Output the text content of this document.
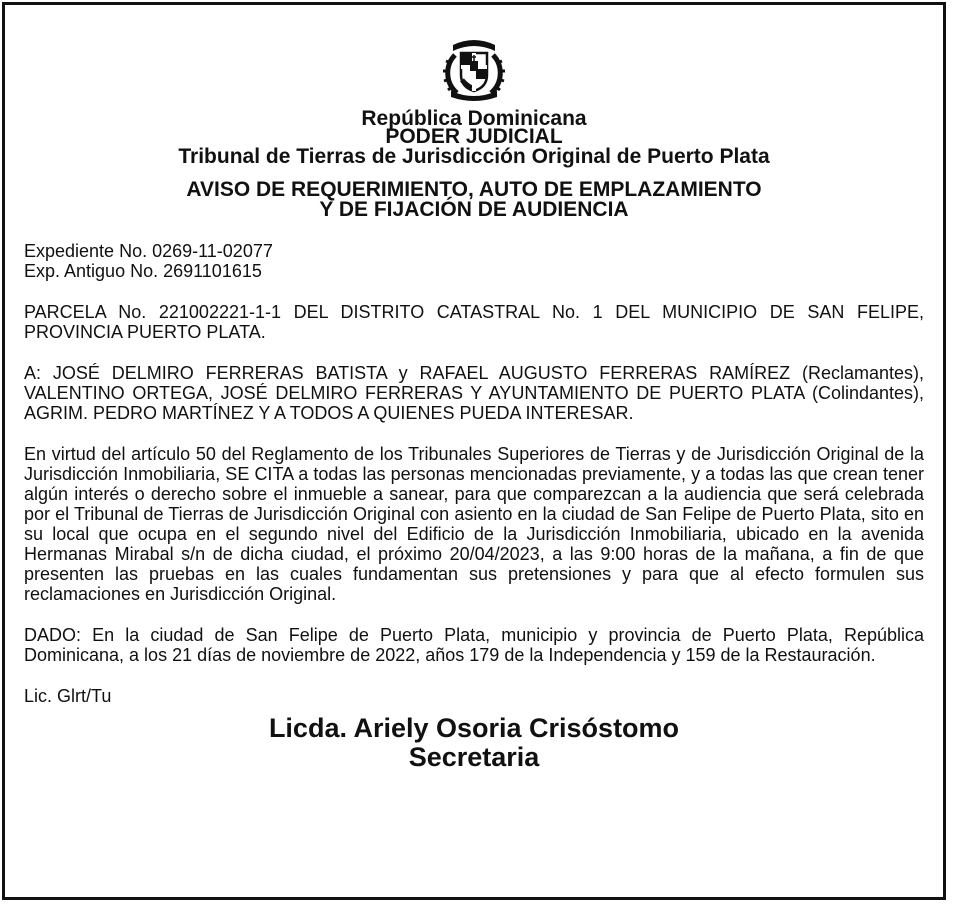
República Dominicana
PODER JUDICIAL
Tribunal de Tierras de Jurisdicción Original de Puerto Plata
AVISO DE REQUERIMIENTO, AUTO DE EMPLAZAMIENTO
Y DE FIJACIÓN DE AUDIENCIA
Expediente No. 0269-11-02077
Exp. Antiguo No. 2691101615

PARCELA No. 221002221-1-1 DEL DISTRITO CATASTRAL No. 1 DEL MUNICIPIO DE SAN FELIPE, PROVINCIA PUERTO PLATA.

A: JOSÉ DELMIRO FERRERAS BATISTA y RAFAEL AUGUSTO FERRERAS RAMÍREZ (Reclamantes), VALENTINO ORTEGA, JOSÉ DELMIRO FERRERAS Y AYUNTAMIENTO DE PUERTO PLATA (Colindantes), AGRIM. PEDRO MARTÍNEZ Y A TODOS A QUIENES PUEDA INTERESAR.

En virtud del artículo 50 del Reglamento de los Tribunales Superiores de Tierras y de Jurisdicción Original de la Jurisdicción Inmobiliaria, SE CITA a todas las personas mencionadas previamente, y a todas las que crean tener algún interés o derecho sobre el inmueble a sanear, para que comparezcan a la audiencia que será celebrada por el Tribunal de Tierras de Jurisdicción Original con asiento en la ciudad de San Felipe de Puerto Plata, sito en su local que ocupa en el segundo nivel del Edificio de la Jurisdicción Inmobiliaria, ubicado en la avenida Hermanas Mirabal s/n de dicha ciudad, el próximo 20/04/2023, a las 9:00 horas de la mañana, a fin de que presenten las pruebas en las cuales fundamentan sus pretensiones y para que al efecto formulen sus reclamaciones en Jurisdicción Original.

DADO: En la ciudad de San Felipe de Puerto Plata, municipio y provincia de Puerto Plata, República Dominicana, a los 21 días de noviembre de 2022, años 179 de la Independencia y 159 de la Restauración.

Lic. Glrt/Tu
Licda. Ariely Osoria Crisóstomo
Secretaria
